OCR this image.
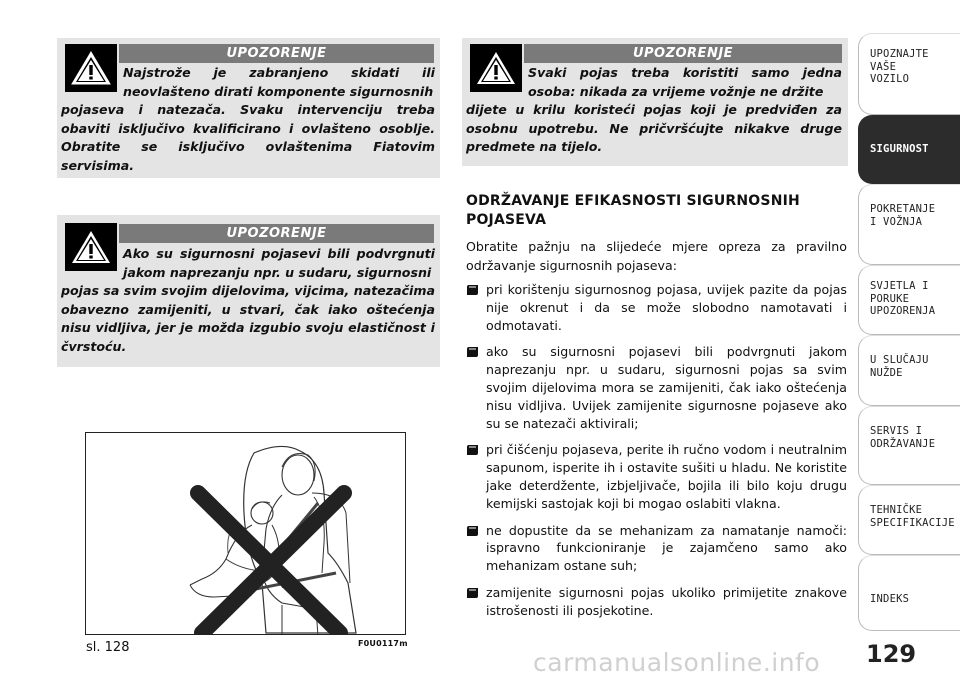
UPOZORENJE
Najstrože je zabranjeno skidati ili neovlašteno dirati komponente sigurnosnih
pojaseva i natezača. Svaku intervenciju treba obaviti isključivo kvalificirano i ovlašteno osoblje. Obratite se isključivo ovlaštenima Fiatovim servisima.
UPOZORENJE
Ako su sigurnosni pojasevi bili podvrgnuti jakom naprezanju npr. u sudaru, sigurnosni
pojas sa svim svojim dijelovima, vijcima, natezačima obavezno zamijeniti, u stvari, čak iako oštećenja nisu vidljiva, jer je možda izgubio svoju elastičnost i čvrstoću.
UPOZORENJE
Svaki pojas treba koristiti samo jedna osoba: nikada za vrijeme vožnje ne držite
dijete u krilu koristeći pojas koji je predviđen za osobnu upotrebu. Ne pričvršćujte nikakve druge predmete na tijelo.
ODRŽAVANJE EFIKASNOSTI SIGURNOSNIH POJASEVA
Obratite pažnju na slijedeće mjere opreza za pravilno održavanje sigurnosnih pojaseva:
pri korištenju sigurnosnog pojasa, uvijek pazite da pojas nije okrenut i da se može slobodno namotavati i odmotavati.
ako su sigurnosni pojasevi bili podvrgnuti jakom naprezanju npr. u sudaru, sigurnosni pojas sa svim svojim dijelovima mora se zamijeniti, čak iako oštećenja nisu vidljiva. Uvijek zamijenite sigurnosne pojaseve ako su se natezači aktivirali;
pri čišćenju pojaseva, perite ih ručno vodom i neutralnim sapunom, isperite ih i ostavite sušiti u hladu. Ne koristite jake deterdžente, izbjeljivače, bojila ili bilo koju drugu kemijski sastojak koji bi mogao oslabiti vlakna.
ne dopustite da se mehanizam za namatanje namoči: ispravno funkcioniranje je zajamčeno samo ako mehanizam ostane suh;
zamijenite sigurnosni pojas ukoliko primijetite znakove istrošenosti ili posjekotine.
F0U0117m
sl. 128
UPOZNAJTE VAŠE VOZILO
SIGURNOST
POKRETANJE I VOŽNJA
SVJETLA I PORUKE UPOZORENJA
U SLUČAJU NUŽDE
SERVIS I ODRŽAVANJE
TEHNIČKE SPECIFIKACIJE
INDEKS
129
carmanualsonline.info
